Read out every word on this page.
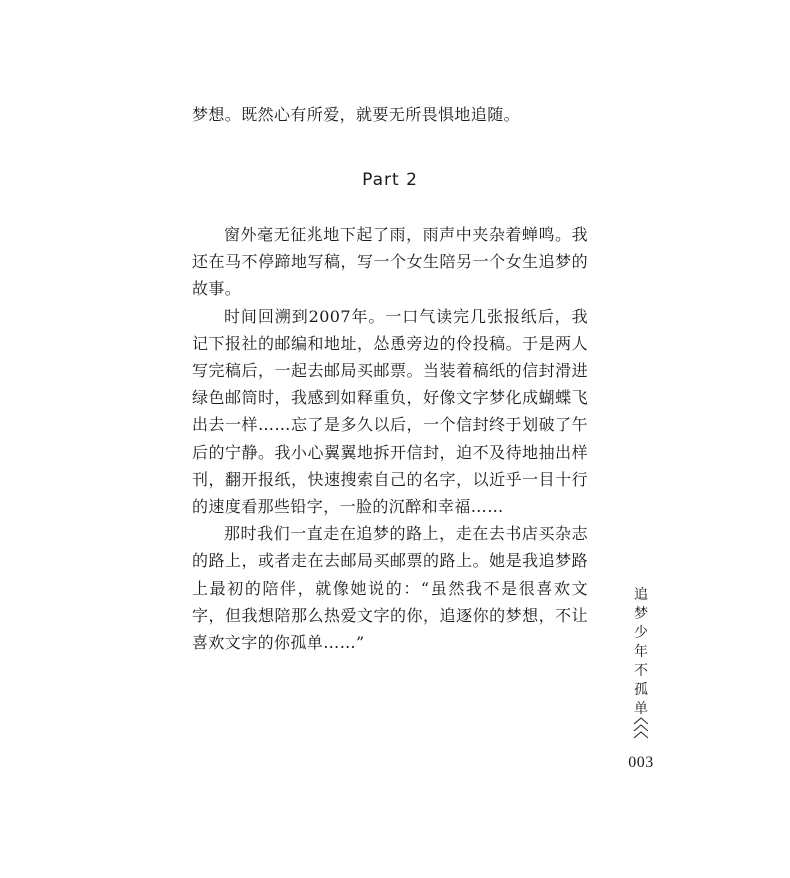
梦想。既然心有所爱，就要无所畏惧地追随。
Part 2

窗外毫无征兆地下起了雨，雨声中夹杂着蝉鸣。我还在马不停蹄地写稿，写一个女生陪另一个女生追梦的故事。

时间回溯到2007年。一口气读完几张报纸后，我记下报社的邮编和地址，怂恿旁边的伶投稿。于是两人写完稿后，一起去邮局买邮票。当装着稿纸的信封滑进绿色邮筒时，我感到如释重负，好像文字梦化成蝴蝶飞出去一样……忘了是多久以后，一个信封终于划破了午后的宁静。我小心翼翼地拆开信封，迫不及待地抽出样刊，翻开报纸，快速搜索自己的名字，以近乎一目十行的速度看那些铅字，一脸的沉醉和幸福……

那时我们一直走在追梦的路上，走在去书店买杂志的路上，或者走在去邮局买邮票的路上。她是我追梦路上最初的陪伴，就像她说的：“虽然我不是很喜欢文字，但我想陪那么热爱文字的你，追逐你的梦想，不让喜欢文字的你孤单……”

追
梦
少
年
不
孤
单
003
